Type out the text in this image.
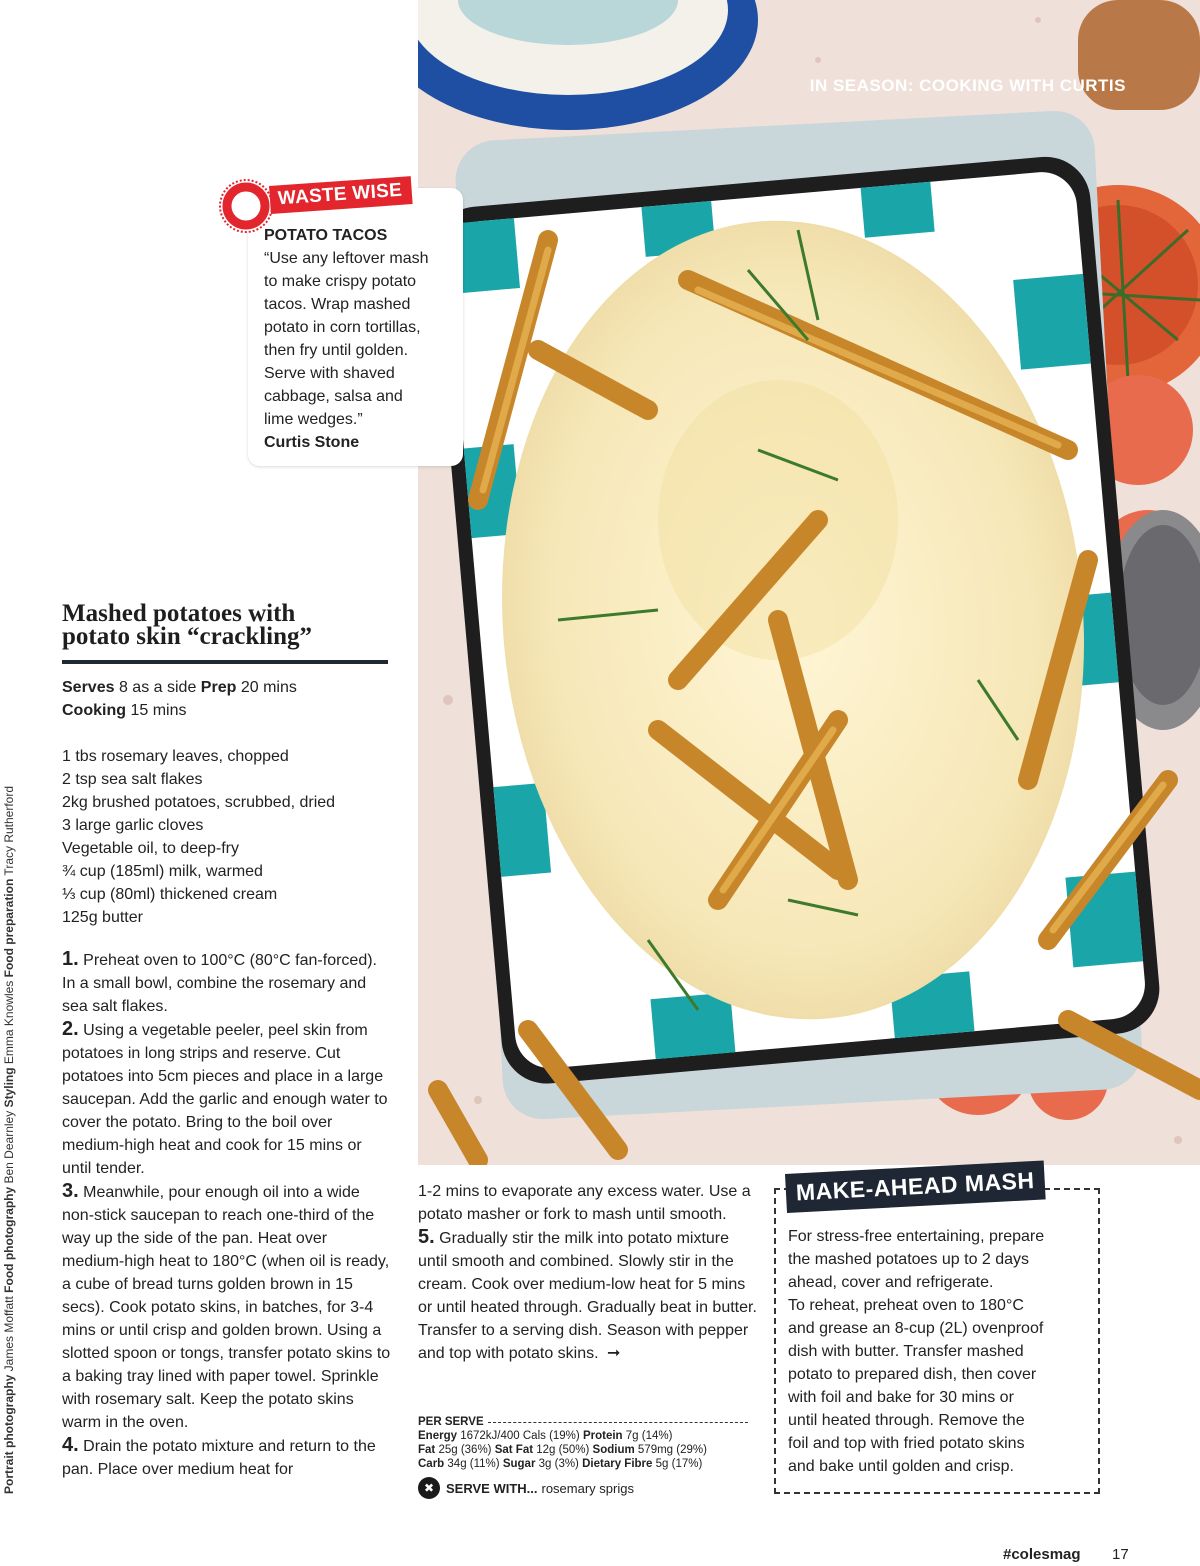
IN SEASON: COOKING WITH CURTIS
WASTE WISE
POTATO TACOS
“Use any leftover mash
to make crispy potato
tacos. Wrap mashed
potato in corn tortillas,
then fry until golden.
Serve with shaved
cabbage, salsa and
lime wedges.”
Curtis Stone
Mashed potatoes with
potato skin “crackling”
Serves 8 as a side Prep 20 mins
Cooking 15 mins
1 tbs rosemary leaves, chopped
2 tsp sea salt flakes
2kg brushed potatoes, scrubbed, dried
3 large garlic cloves
Vegetable oil, to deep-fry
¾ cup (185ml) milk, warmed
⅓ cup (80ml) thickened cream
125g butter

1. Preheat oven to 100°C (80°C fan-forced). In a small bowl, combine the rosemary and sea salt flakes.

2. Using a vegetable peeler, peel skin from potatoes in long strips and reserve. Cut potatoes into 5cm pieces and place in a large saucepan. Add the garlic and enough water to cover the potato. Bring to the boil over medium-high heat and cook for 15 mins or until tender.

3. Meanwhile, pour enough oil into a wide non-stick saucepan to reach one-third of the way up the side of the pan. Heat over medium-high heat to 180°C (when oil is ready, a cube of bread turns golden brown in 15 secs). Cook potato skins, in batches, for 3-4 mins or until crisp and golden brown. Using a slotted spoon or tongs, transfer potato skins to a baking tray lined with paper towel. Sprinkle with rosemary salt. Keep the potato skins warm in the oven.

4. Drain the potato mixture and return to the pan. Place over medium heat for

1-2 mins to evaporate any excess water. Use a potato masher or fork to mash until smooth.

5. Gradually stir the milk into potato mixture until smooth and combined. Slowly stir in the cream. Cook over medium-low heat for 5 mins or until heated through. Gradually beat in butter. Transfer to a serving dish. Season with pepper and top with potato skins. ➞

PER SERVE
Energy 1672kJ/400 Cals (19%) Protein 7g (14%)
Fat 25g (36%) Sat Fat 12g (50%) Sodium 579mg (29%)
Carb 34g (11%) Sugar 3g (3%) Dietary Fibre 5g (17%)
✖ SERVE WITH... rosemary sprigs
MAKE-AHEAD MASH
For stress-free entertaining, prepare
the mashed potatoes up to 2 days
ahead, cover and refrigerate.
To reheat, preheat oven to 180°C
and grease an 8-cup (2L) ovenproof
dish with butter. Transfer mashed
potato to prepared dish, then cover
with foil and bake for 30 mins or
until heated through. Remove the
foil and top with fried potato skins
and bake until golden and crisp.
Portrait photography James Moffatt Food photography Ben Dearnley Styling Emma Knowles Food preparation Tracy Rutherford
#colesmag 17
